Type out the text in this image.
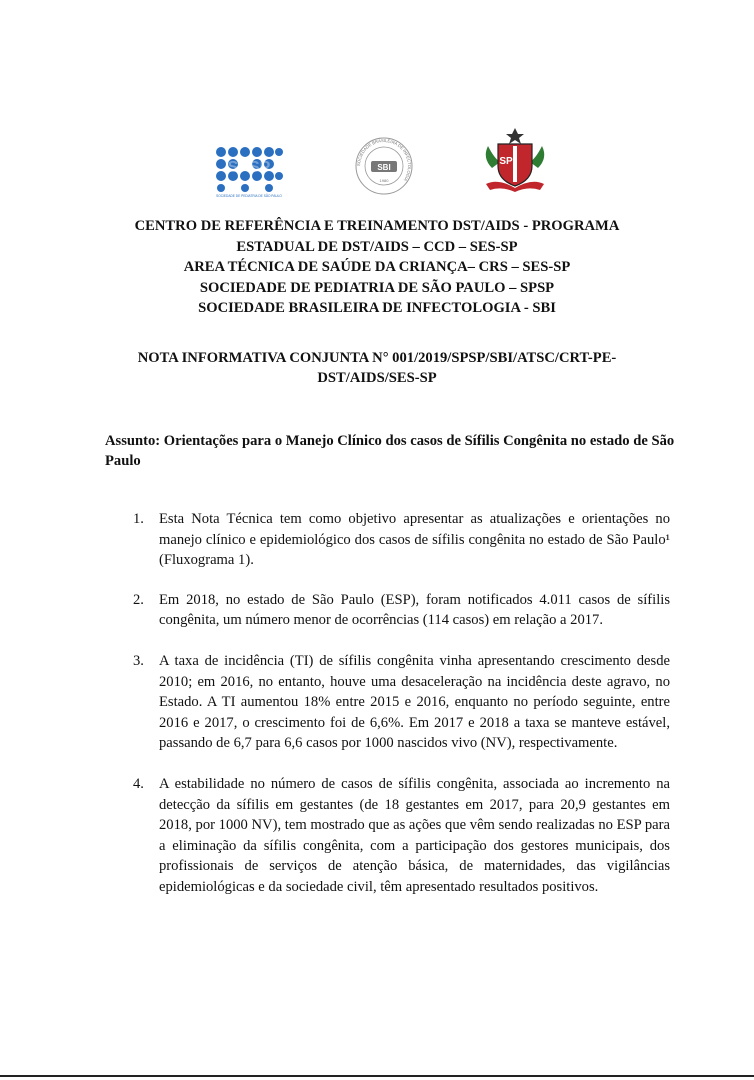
SPSP
SOCIEDADE DE PEDIATRIA DE SÃO PAULO
SOCIEDADE BRASILEIRA DE INFECTOLOGIA
SBI
1980
SP
CENTRO DE REFERÊNCIA E TREINAMENTO DST/AIDS - PROGRAMA
ESTADUAL DE DST/AIDS – CCD – SES-SP
AREA TÉCNICA DE SAÚDE DA CRIANÇA– CRS – SES-SP
SOCIEDADE DE PEDIATRIA DE SÃO PAULO – SPSP
SOCIEDADE BRASILEIRA DE INFECTOLOGIA - SBI
NOTA INFORMATIVA CONJUNTA N° 001/2019/SPSP/SBI/ATSC/CRT-PE-
DST/AIDS/SES-SP
Assunto: Orientações para o Manejo Clínico dos casos de Sífilis Congênita no estado de São Paulo
1. Esta Nota Técnica tem como objetivo apresentar as atualizações e orientações no manejo clínico e epidemiológico dos casos de sífilis congênita no estado de São Paulo¹ (Fluxograma 1).
2. Em 2018, no estado de São Paulo (ESP), foram notificados 4.011 casos de sífilis congênita, um número menor de ocorrências (114 casos) em relação a 2017.
3. A taxa de incidência (TI) de sífilis congênita vinha apresentando crescimento desde 2010; em 2016, no entanto, houve uma desaceleração na incidência deste agravo, no Estado. A TI aumentou 18% entre 2015 e 2016, enquanto no período seguinte, entre 2016 e 2017, o crescimento foi de 6,6%. Em 2017 e 2018 a taxa se manteve estável, passando de 6,7 para 6,6 casos por 1000 nascidos vivo (NV), respectivamente.
4. A estabilidade no número de casos de sífilis congênita, associada ao incremento na detecção da sífilis em gestantes (de 18 gestantes em 2017, para 20,9 gestantes em 2018, por 1000 NV), tem mostrado que as ações que vêm sendo realizadas no ESP para a eliminação da sífilis congênita, com a participação dos gestores municipais, dos profissionais de serviços de atenção básica, de maternidades, das vigilâncias epidemiológicas e da sociedade civil, têm apresentado resultados positivos.
